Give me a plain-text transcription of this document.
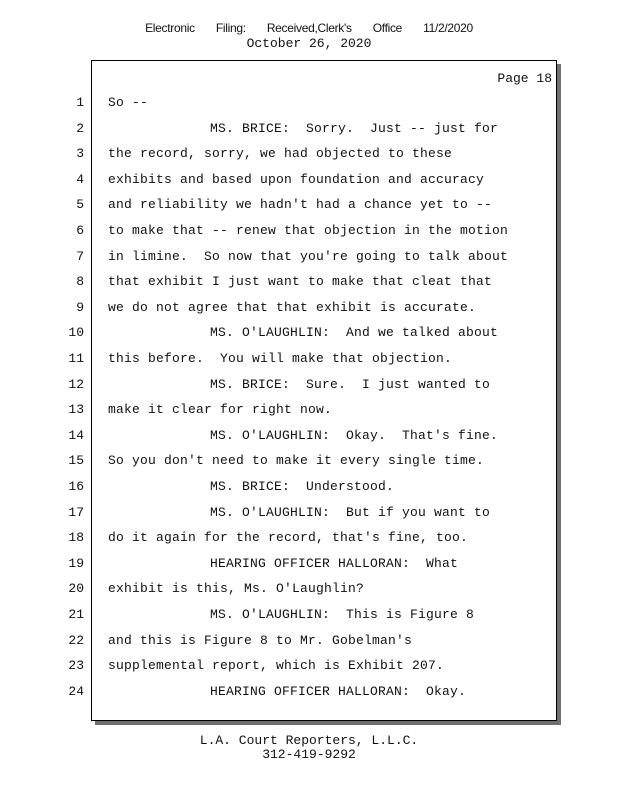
Electronic Filing: Received,Clerk's Office 11/2/2020
October 26, 2020
Page 18
1 So --
2	MS. BRICE:  Sorry.  Just -- just for
3 the record, sorry, we had objected to these
4 exhibits and based upon foundation and accuracy
5 and reliability we hadn't had a chance yet to --
6 to make that -- renew that objection in the motion
7 in limine.  So now that you're going to talk about
8 that exhibit I just want to make that cleat that
9 we do not agree that that exhibit is accurate.
10	MS. O'LAUGHLIN:  And we talked about
11 this before.  You will make that objection.
12	MS. BRICE:  Sure.  I just wanted to
13 make it clear for right now.
14	MS. O'LAUGHLIN:  Okay.  That's fine.
15 So you don't need to make it every single time.
16	MS. BRICE:  Understood.
17	MS. O'LAUGHLIN:  But if you want to
18 do it again for the record, that's fine, too.
19	HEARING OFFICER HALLORAN:  What
20 exhibit is this, Ms. O'Laughlin?
21	MS. O'LAUGHLIN:  This is Figure 8
22 and this is Figure 8 to Mr. Gobelman's
23 supplemental report, which is Exhibit 207.
24	HEARING OFFICER HALLORAN:  Okay.
L.A. Court Reporters, L.L.C.
312-419-9292
